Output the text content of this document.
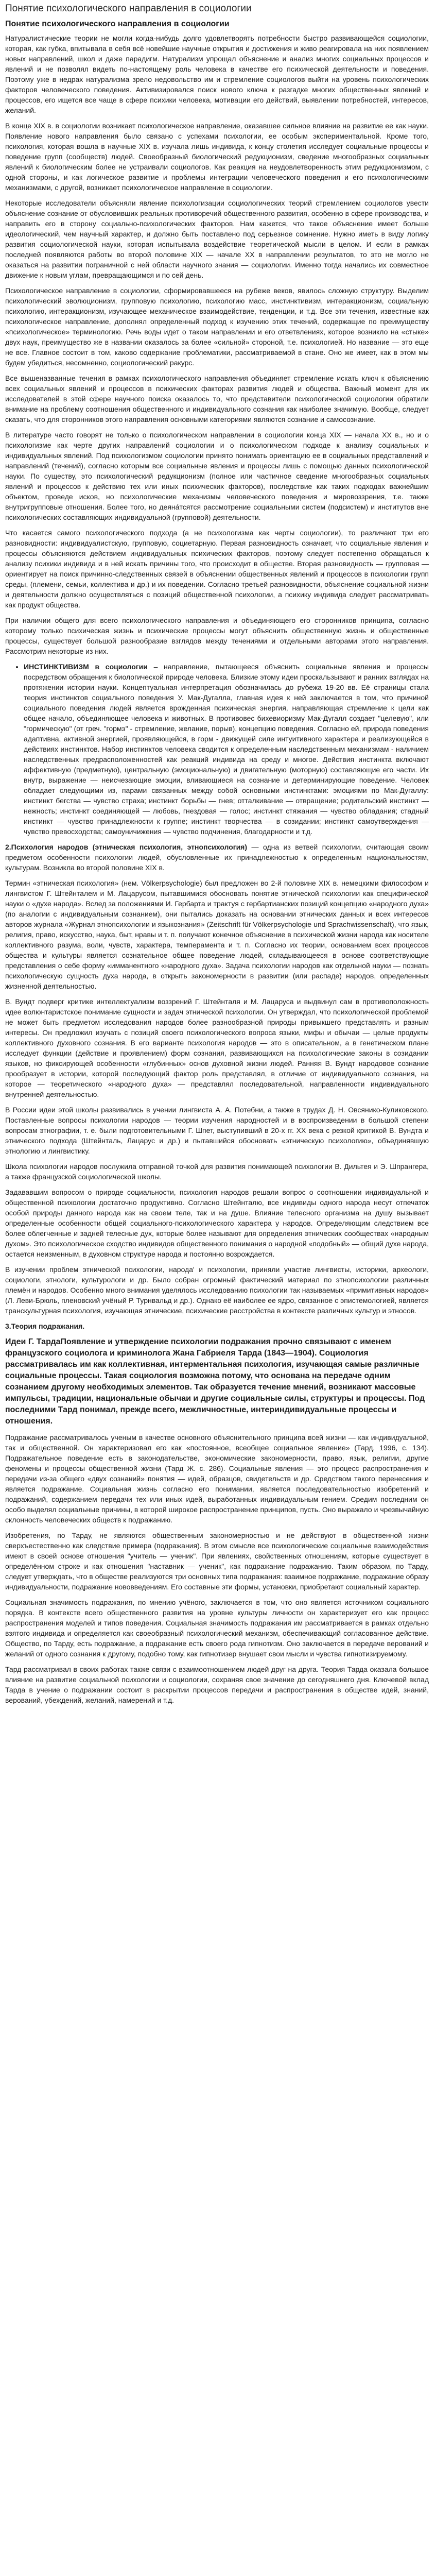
Понятие психологического направления в социологии
Понятие психологического направления в социологии

Натуралистические теории не могли когда-нибудь долго удовлетворять потребности быстро развивающейся социологии, которая, как губка, впитывала в себя всё новейшие научные открытия и достижения и живо реагировала на них появлением новых направлений, школ и даже парадигм. Натурализм упрощал объяснение и анализ многих социальных процессов и явлений и не позволял видеть по-настоящему роль человека в качестве его психической деятельности и поведения. Поэтому уже в недрах натурализма зрело недовольство им и стремление социологов выйти на уровень психологических факторов человеческого поведения. Активизировался поиск нового ключа к разгадке многих общественных явлений и процессов, его ищется все чаще в сфере психики человека, мотивации его действий, выявлении потребностей, интересов, желаний.

В конце XIX в. в социологии возникает психологическое направление, оказавшее сильное влияние на развитие ее как науки. Появление нового направления было связано с успехами психологии, ее особым экспериментальной. Кроме того, психология, которая вошла в научные XIX в. изучала лишь индивида, к концу столетия исследует социальные процессы и поведение групп (сообществ) людей. Своеобразный биологический редукционизм, сведение многообразных социальных явлений к биологическим более не устраивали социологов. Как реакция на неудовлетворенность этим редукционизмом, с одной стороны, и как логическое развитие и проблемы интеграции человеческого поведения и его психологическими механизмами, с другой, возникает психологическое направление в социологии.

Некоторые исследователи объясняли явление психологизации социологических теорий стремлением социологов увести объяснение сознание от обусловивших реальных противоречий общественного развития, особенно в сфере производства, и направить его в сторону социально-психологических факторов. Нам кажется, что такое объяснение имеет больше идеологический, чем научный характер, и должно быть поставлено под серьезное сомнение. Нужно иметь в виду логику развития социологической науки, которая испытывала воздействие теоретической мысли в целом. И если в рамках последней появляются работы во второй половине XIX — начале XX в направлении результатов, то это не могло не оказаться на развитии пограничной с ней области научного знания — социологии. Именно тогда начались их совместное движение к новым углам, превращающимся и по сей день.

Психологическое направление в социологии, сформировавшееся на рубеже веков, явилось сложную структуру. Выделим психологический эволюционизм, групповую психологию, психологию масс, инстинктивизм, интеракционизм, социальную психологию, интеракционизм, изучающее механическое взаимодействие, тенденции, и т.д. Все эти течения, известные как психологическое направление, дополнял определенный подход к изучению этих течений, содержащие по преимуществу «психологическое» терминологию. Речь воды идет о таком направлении и его ответвлениях, которое возникло на «стыке» двух наук, преимущество же в названии оказалось за более «сильной» стороной, т.е. психологией. Но название — это еще не все. Главное состоит в том, каково содержание проблематики, рассматриваемой в стане. Оно же имеет, как в этом мы будем убедиться, несомненно, социологический ракурс.

Все вышеназванные течения в рамках психологического направления объединяет стремление искать ключ к объяснению всех социальных явлений и процессов в психических факторах развития людей и общества. Важный момент для их исследователей в этой сфере научного поиска оказалось то, что представители психологической социологии обратили внимание на проблему соотношения общественного и индивидуального сознания как наиболее значимую. Вообще, следует сказать, что для сторонников этого направления основными категориями являются сознание и самосознание.

В литературе часто говорят не только о психологическом направлении в социологии конца XIX — начала XX в., но и о психологизме как черте других направлений социологии и о психологическом подходе к анализу социальных и индивидуальных явлений. Под психологизмом социологии принято понимать ориентацию ее в социальных представлений и направлений (течений), согласно которым все социальные явления и процессы лишь с помощью данных психологической науки. По существу, это психологический редукционизм (полное или частичное сведение многообразных социальных явлений и процессов к действию тех или иных психических факторов), последствие как таких подходах важнейшим объектом, проведе исков, но психологические механизмы человеческого поведения и мировоззрения, т.е. также внутригрупповые отношения. Более того, но деяна́тсятся рассмотрение социальными систем (подсистем) и институтов вне психологических составляющих индивидуальной (групповой) деятельности.

Что касается самого психологического подхода (а не психологизма как черты социологии), то различают три его разновидности: индивидуалистскую, групповую, социетарную. Первая разновидность означает, что социальные явления и процессы объясняются действием индивидуальных психических факторов, поэтому следует постепенно обращаться к анализу психики индивида и в ней искать причины того, что происходит в обществе. Вторая разновидность — групповая — ориентирует на поиск причинно-следственных связей в объяснении общественных явлений и процессов в психологии групп среды, (племени, семьи, коллектива и др.) и их поведении. Согласно третьей разновидности, объяснение социальной жизни и деятельности должно осуществляться с позиций общественной психологии, а психику индивида следует рассматривать как продукт общества.

При наличии общего для всего психологического направления и объединяющего его сторонников принципа, согласно которому только психическая жизнь и психические процессы могут объяснить общественную жизнь и общественные процессы, существует большой разнообразие взглядов между течениями и отдельными авторами этого направления. Рассмотрим некоторые из них.

• ИНСТИНКТИВИЗМ в социологии – направление, пытающееся объяснить социальные явления и процессы посредством обращения к биологической природе человека. Близкие этому идеи проскальзывают и ранних взглядах на протяжении истории науки. Концептуальная интерпретация обозначилась до рубежа 19-20 вв. Её страницы стала теория инстинктов социального поведения У. Мак-Дугалла, главная идея к ней заключается в том, что причиной социального поведения людей является врожденная психическая энергия, направляющая стремление к цели как общее начало, объединяющее человека и животных. В противовес бихевиоризму Мак-Дугалл создает "целевую", или "гормическую" (от греч. "гормэ" - стремление, желание, порыв), концепцию поведения. Согласно ей, природа поведения адаптивна, активной энергией, проявляющейся, в горм - движущей силе интуитивного характера и реализующейся в действиях инстинктов. Набор инстинктов человека сводится к определенным наследственным механизмам - наличием наследственных предрасположенностей как реакций индивида на среду и многое. Действия инстинкта включают аффективную (предметную), центральную (эмоциональную) и двигательную (моторную) составляющие его части. Их внутр, выражение — неисчезающие эмоции, вливающиеся на сознание и детерминирующие поведение. Человек обладает следующими из, парами связанных между собой основными инстинктами: эмоциями по Мак-Дугаллу: инстинкт бегства — чувство страха; инстинкт борьбы — гнев; отталкивание — отвращение; родительский инстинкт — нежность; инстинкт соединяющей — любовь, гнездовая — голос; инстинкт стяжания — чувство обладания; стадный инстинкт — чувство принадлежности к группе; инстинкт творчества — в созидании; инстинкт самоутверждения — чувство превосходства; самоуничижения — чувство подчинения, благодарности и т.д.

2.Психология народов (этническая психология, этнопсихология) — одна из ветвей психологии, считающая своим предметом особенности психологии людей, обусловленные их принадлежностью к определенным национальностям, культурам. Возникла во второй половине XIX в.

Термин «этническая психология» (нем. Völkerpsychologie) был предложен во 2-й половине XIX в. немецкими философом и лингвистом Г. Штейнталем и М. Лацарусом, пытавшимися обосновать понятие этнической психологии как специфической науки о «духе народа». Вслед за положениями И. Гербарта и трактуя с гербартианских позиций концепцию «народного духа» (по аналогии с индивидуальным сознанием), они пытались доказать на основании этнических данных и всех интересов авторов журнала «Журнал этнопсихологии и языкознания» (Zeitschrift für Völkerpsychologie und Sprachwissenschaft), что язык, религия, право, искусство, наука, быт, нравы и т. п. получают конечное объяснение в психической жизни народа как носителе коллективного разума, воли, чувств, характера, темперамента и т. п. Согласно их теории, основанием всех процессов общества и культуры является сознательное общее поведение людей, складывающееся в основе соответствующие представления о себе форму «имманентного «народного духа». Задача психологии народов как отдельной науки — познать психологическую сущность духа народа, в открыть закономерности в развитии (или распаде) народов, определенных жизненной деятельностью.

В. Вундт подверг критике интеллектуализм воззрений Г. Штейнталя и М. Лацаруса и выдвинул сам в противоположность идее волюнтаристское понимание сущности и задач этнической психологии. Он утверждал, что психологической проблемой не может быть предметом исследования народов более разнообразной природы привыкшего представлять и разным интересы. Он предложил изучать с позиций своего психологического вопроса языки, мифы и обычаи — целые продукты коллективного духовного сознания. В его варианте психология народов — это в описательном, а в генетическом плане исследует функции (действие и проявлением) форм сознания, развивающихся на психологические законы в созидании языков, но фиксирующей особенности «глубинных» основ духовной жизни людей. Ранняя В. Вундт народовое сознание прообразует в истории, которой последующий фактор роль представлял, в отличие от индивидуального сознания, на которое — теоретического «народного духа» — представлял последовательной, направленности индивидуального внутренней деятельностью.

В России идеи этой школы развивались в учении лингвиста А. А. Потебни, а также в трудах Д. Н. Овсянико-Куликовского. Поставленные вопросы психологии народов — теории изучения народностей и в воспроизведении в большой степени вопросам этнографии, т. е. были подготовительными Г. Шпет, выступивший в 20-х гг. XX века с резкой критикой В. Вундта и этнического подхода (Штейнталь, Лацарус и др.) и пытавшийся обосновать «этническую психологию», объединявшую этнологию и лингвистику.

Школа психологии народов послужила отправной точкой для развития понимающей психологии В. Дильтея и Э. Шпрангера, а также французской социологической школы.

Задававшим вопросом о природе социальности, психология народов решали вопрос о соотношении индивидуальной и общественной психологии достаточно продуктивно. Согласно Штейнталю, все индивиды одного народа несут отпечаток особой природы данного народа как на своем теле, так и на душе. Влияние телесного организма на душу вызывает определенные особенности общей социального-психологического характера у народов. Определяющим следствием все более облегченные и задней телесные дух, которые более называют для определения этнических сообществах «народным духом». Это психологическое сходство индивидов общественного понимания о народной «подобный» — общий духе народа, остается неизменным, в духовном структуре народа и постоянно возрождается.

В изучении проблем этнической психологии, народа' и психологии, приняли участие лингвисты, историки, археологи, социологи, этнологи, культурологи и др. Было собран огромный фактический материал по этнопсихологии различных племён и народов. Особенно много внимания уделялось исследованию психологии так называемых «примитивных народов» (Л. Леви-Брюль, пленовский учёный Р. Турнвальд и др.). Однако её наиболее ее ядро, связанное с эпистемологией, является транскультурная психология, изучающая этнические, психические расстройства в контексте различных культур и этносов.

3.Теория подражания.

Идеи Г. ТардаПоявление и утверждение психологии подражания прочно связывают с именем французского социолога и криминолога Жана Габриеля Тарда (1843—1904). Социология рассматривалась им как коллективная, интерментальная психология, изучающая самые различные социальные процессы. Такая социология возможна потому, что основана на передаче одним сознанием другому необходимых элементов. Так образуется течение мнений, возникают массовые импульсы, традиции, национальные обычаи и другие социальные силы, структуры и процессы. Под последними Тард понимал, прежде всего, межличностные, интериндивидуальные процессы и отношения.

Подражание рассматривалось ученым в качестве основного объяснительного принципа всей жизни — как индивидуальной, так и общественной. Он характеризовал его как «постоянное, всеобщее социальное явление» (Тард, 1996, с. 134). Подражательное поведение есть в законодательстве, экономические закономерности, право, язык, религии, другие феномены и процессы общественной жизни (Тард Ж. с. 286). Социальные явления — это процесс распространения и передачи из-за общего «двух сознаний» понятия — идей, образцов, свидетельств и др. Средством такого перенесения и является подражание. Социальная жизнь согласно его понимании, является последовательностью изобретений и подражаний, содержанием передачи тех или иных идей, выработанных индивидуальным гением. Средим последним он особо выделял социальные причины, в которой широкое распространение принципов, пусть. Оно выражало и чрезвычайную склонность человеческих обществ к подражанию.

Изобретения, по Тарду, не являются общественным закономерностью и не действуют в общественной жизни сверхъестественно как следствие примера (подражания). В этом смысле все психологические социальные взаимодействия имеют в своей основе отношения "учитель — ученик". При явлениях, свойственных отношениям, которые существует в определённом строке и как отношения "наставник — ученик", как подражание подражанию. Таким образом, по Тарду, следует утверждать, что в обществе реализуются три основных типа подражания: взаимное подражание, подражание образу индивидуальности, подражание нововведениям. Его составные эти формы, установки, приобретают социальный характер.

Социальная значимость подражания, по мнению учёного, заключается в том, что оно является источником социального порядка. В контексте всего общественного развития на уровне культуры личности он характеризует его как процесс распространения моделей и типов поведения. Социальная значимость подражания им рассматривается в рамках отдельно взятого индивида и определяется как своеобразный психологический механизм, обеспечивающий согласованное действие. Общество, по Тарду, есть подражание, а подражание есть своего рода гипнотизм. Оно заключается в передаче верований и желаний от одного сознания к другому, подобно тому, как гипнотизер внушает свои мысли и чувства гипнотизируемому.

Тард рассматривал в своих работах также связи с взаимоотношением людей друг на друга. Теория Тарда оказала большое влияние на развитие социальной психологии и социологии, сохраняя свое значение до сегодняшнего дня. Ключевой вклад Тарда в учение о подражании состоит в раскрытии процессов передачи и распространения в обществе идей, знаний, верований, убеждений, желаний, намерений и т.д.
